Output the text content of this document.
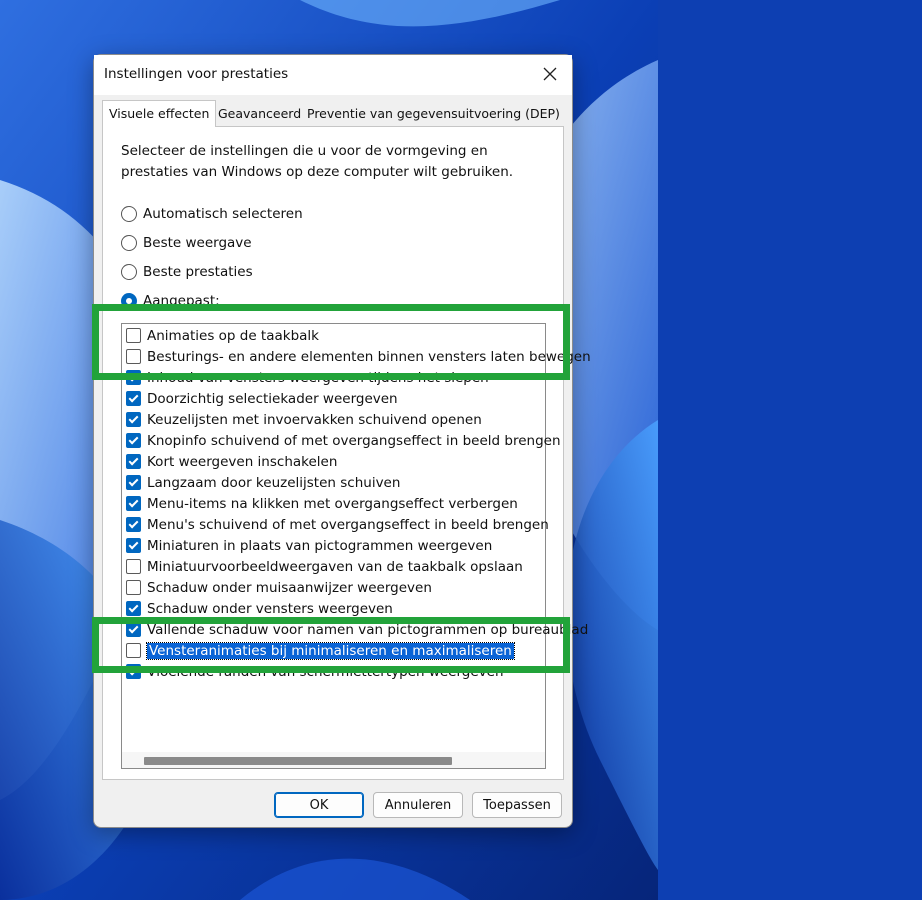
Instellingen voor prestaties
Visuele effecten Geavanceerd Preventie van gegevensuitvoering (DEP)
Selecteer de instellingen die u voor de vormgeving en prestaties van Windows op deze computer wilt gebruiken.
Automatisch selecteren
Beste weergave
Beste prestaties
Aangepast:
Animaties op de taakbalk
Besturings- en andere elementen binnen vensters laten bewegen
Inhoud van vensters weergeven tijdens het slepen
Doorzichtig selectiekader weergeven
Keuzelijsten met invoervakken schuivend openen
Knopinfo schuivend of met overgangseffect in beeld brengen
Kort weergeven inschakelen
Langzaam door keuzelijsten schuiven
Menu-items na klikken met overgangseffect verbergen
Menu's schuivend of met overgangseffect in beeld brengen
Miniaturen in plaats van pictogrammen weergeven
Miniatuurvoorbeeldweergaven van de taakbalk opslaan
Schaduw onder muisaanwijzer weergeven
Schaduw onder vensters weergeven
Vallende schaduw voor namen van pictogrammen op bureaublad
Vensteranimaties bij minimaliseren en maximaliseren
Vloeiende randen van schermlettertypen weergeven
OK	Annuleren	Toepassen
